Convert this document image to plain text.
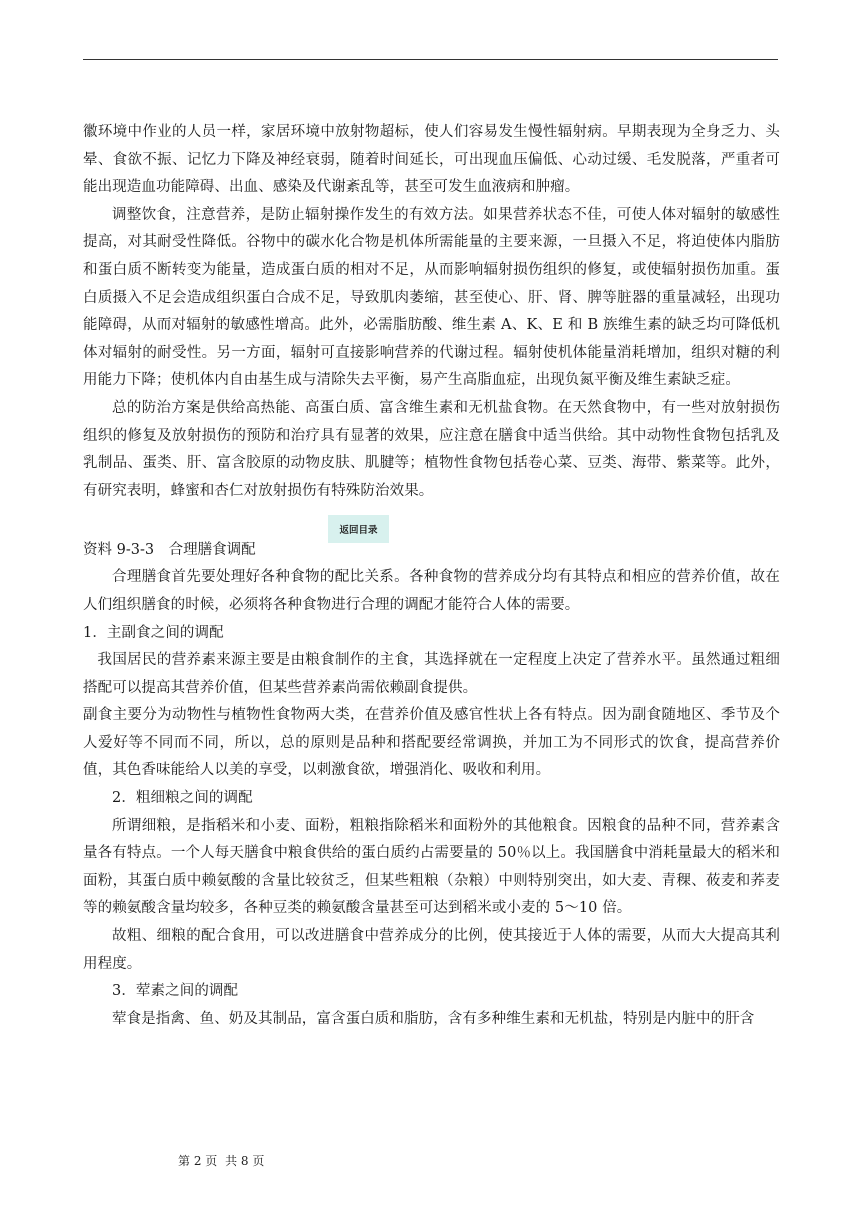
徽环境中作业的人员一样，家居环境中放射物超标，使人们容易发生慢性辐射病。早期表现为全身乏力、头晕、食欲不振、记忆力下降及神经衰弱，随着时间延长，可出现血压偏低、心动过缓、毛发脱落，严重者可能出现造血功能障碍、出血、感染及代谢紊乱等，甚至可发生血液病和肿瘤。

调整饮食，注意营养，是防止辐射操作发生的有效方法。如果营养状态不佳，可使人体对辐射的敏感性提高，对其耐受性降低。谷物中的碳水化合物是机体所需能量的主要来源，一旦摄入不足，将迫使体内脂肪和蛋白质不断转变为能量，造成蛋白质的相对不足，从而影响辐射损伤组织的修复，或使辐射损伤加重。蛋白质摄入不足会造成组织蛋白合成不足，导致肌肉萎缩，甚至使心、肝、肾、脾等脏器的重量减轻，出现功能障碍，从而对辐射的敏感性增高。此外，必需脂肪酸、维生素 A、K、E 和 B 族维生素的缺乏均可降低机体对辐射的耐受性。另一方面，辐射可直接影响营养的代谢过程。辐射使机体能量消耗增加，组织对糖的利用能力下降；使机体内自由基生成与清除失去平衡，易产生高脂血症，出现负氮平衡及维生素缺乏症。

总的防治方案是供给高热能、高蛋白质、富含维生素和无机盐食物。在天然食物中，有一些对放射损伤组织的修复及放射损伤的预防和治疗具有显著的效果，应注意在膳食中适当供给。其中动物性食物包括乳及乳制品、蛋类、肝、富含胶原的动物皮肤、肌腱等；植物性食物包括卷心菜、豆类、海带、紫菜等。此外，有研究表明，蜂蜜和杏仁对放射损伤有特殊防治效果。

资料 9-3-3　合理膳食调配
返回目录

合理膳食首先要处理好各种食物的配比关系。各种食物的营养成分均有其特点和相应的营养价值，故在人们组织膳食的时候，必须将各种食物进行合理的调配才能符合人体的需要。

1．主副食之间的调配

我国居民的营养素来源主要是由粮食制作的主食，其选择就在一定程度上决定了营养水平。虽然通过粗细搭配可以提高其营养价值，但某些营养素尚需依赖副食提供。

副食主要分为动物性与植物性食物两大类，在营养价值及感官性状上各有特点。因为副食随地区、季节及个人爱好等不同而不同，所以，总的原则是品种和搭配要经常调换，并加工为不同形式的饮食，提高营养价值，其色香味能给人以美的享受，以刺激食欲，增强消化、吸收和利用。

2．粗细粮之间的调配

所谓细粮，是指稻米和小麦、面粉，粗粮指除稻米和面粉外的其他粮食。因粮食的品种不同，营养素含量各有特点。一个人每天膳食中粮食供给的蛋白质约占需要量的 50％以上。我国膳食中消耗量最大的稻米和面粉，其蛋白质中赖氨酸的含量比较贫乏，但某些粗粮（杂粮）中则特别突出，如大麦、青稞、莜麦和荞麦等的赖氨酸含量均较多，各种豆类的赖氨酸含量甚至可达到稻米或小麦的 5～10 倍。

故粗、细粮的配合食用，可以改进膳食中营养成分的比例，使其接近于人体的需要，从而大大提高其利用程度。

3．荤素之间的调配

荤食是指禽、鱼、奶及其制品，富含蛋白质和脂肪，含有多种维生素和无机盐，特别是内脏中的肝含

第 2 页 共 8 页
